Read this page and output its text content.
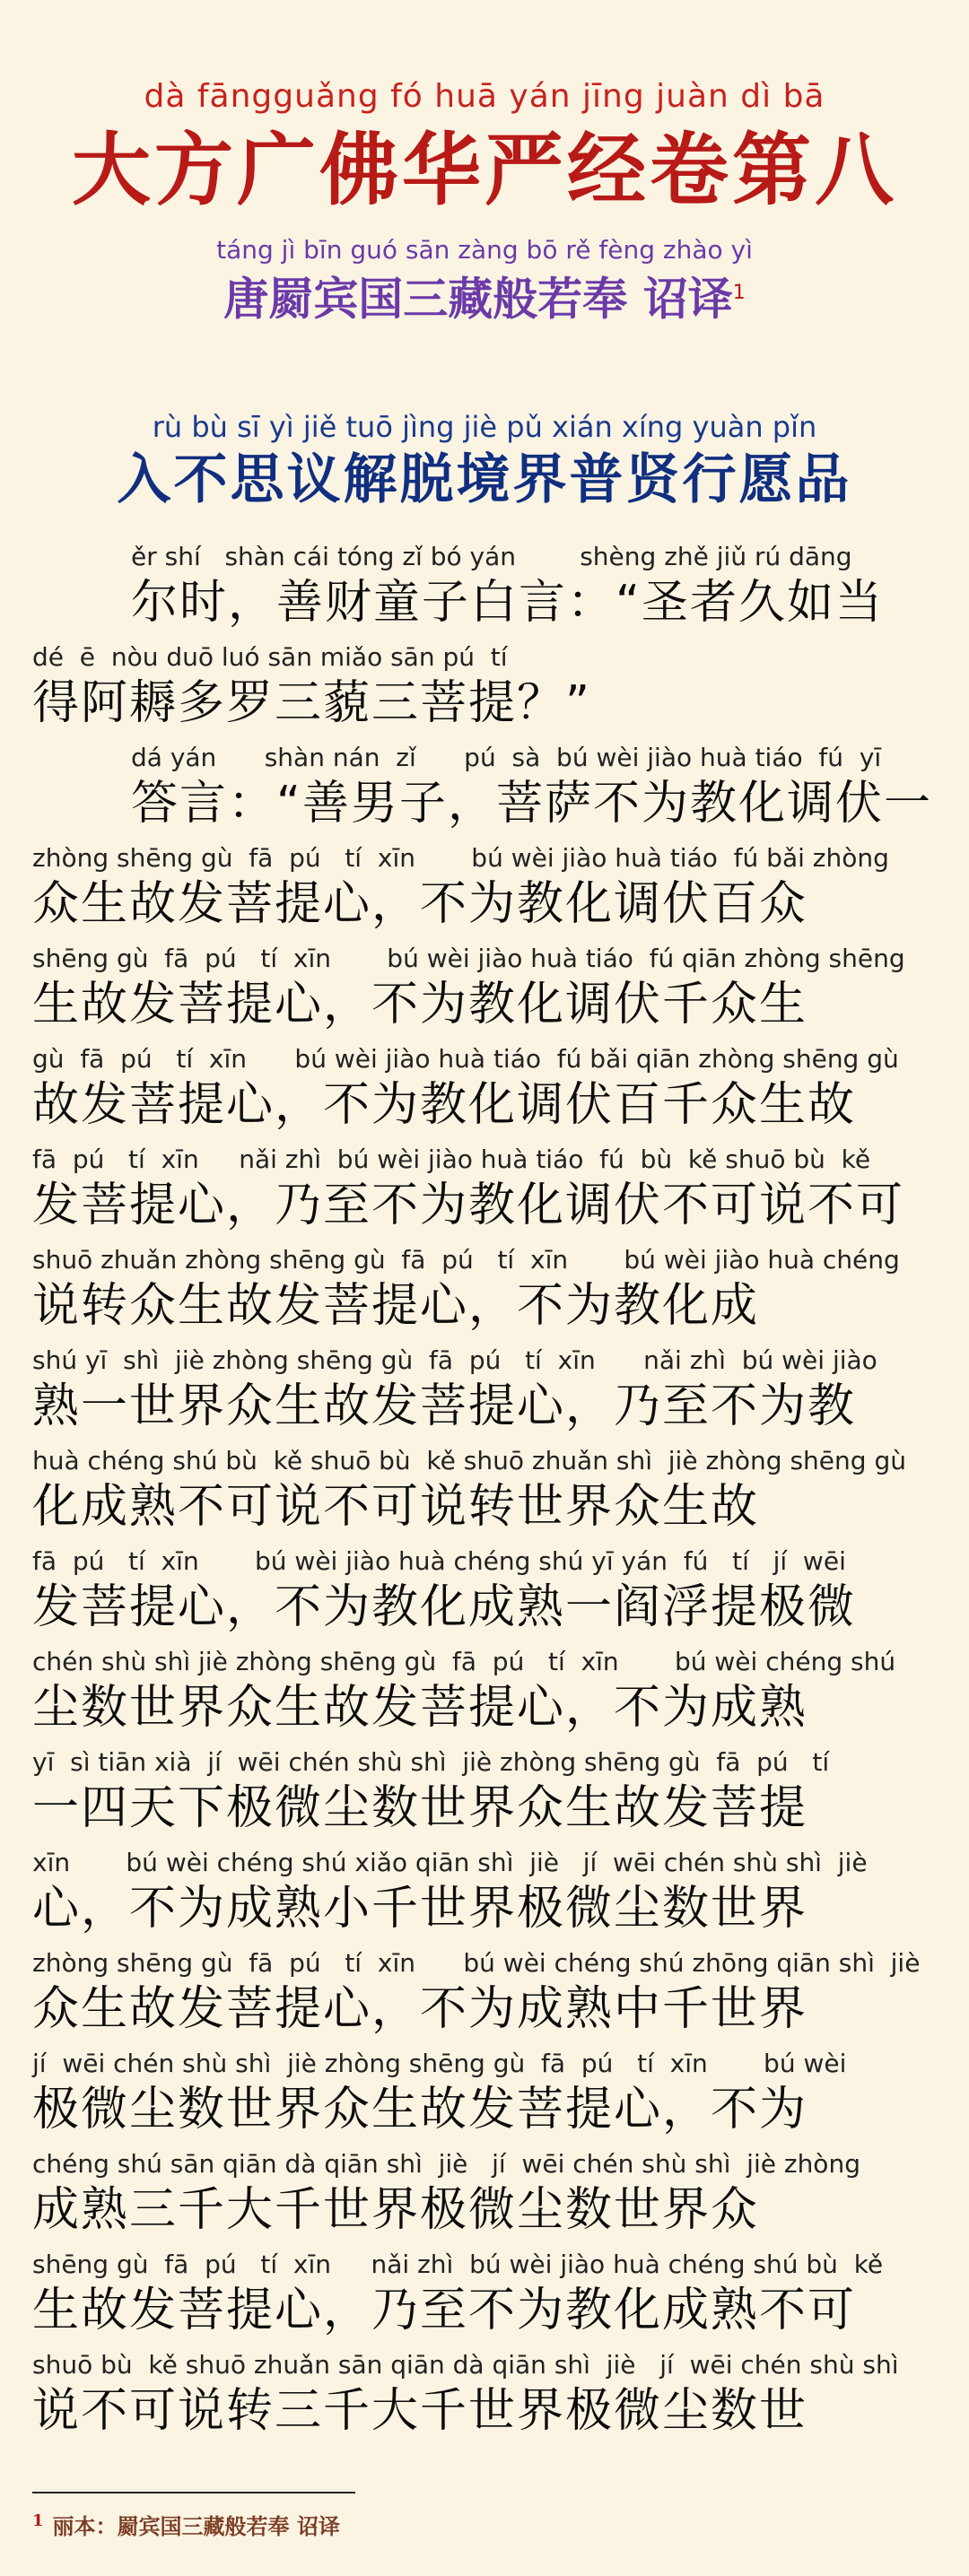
dà fāngguǎng fó huā yán jīng juàn dì bā
大方广佛华严经卷第八
táng jì bīn guó sān zàng bō rě fèng zhào yì
唐罽宾国三藏般若奉 诏译$^1$
rù bù sī yì jiě tuō jìng jiè pǔ xián xíng yuàn pǐn
入不思议解脱境界普贤行愿品

ěr shí   shàn cái tóng zǐ bó yán        shèng zhě jiǔ rú dāng

尔时，善财童子白言：“圣者久如当

dé  ē  nòu duō luó sān miǎo sān pú  tí

得阿耨多罗三藐三菩提？”

dá yán      shàn nán  zǐ      pú  sà  bú wèi jiào huà tiáo  fú  yī

答言：“善男子，菩萨不为教化调伏一

zhòng shēng gù  fā  pú   tí  xīn       bú wèi jiào huà tiáo  fú bǎi zhòng

众生故发菩提心，不为教化调伏百众

shēng gù  fā  pú   tí  xīn       bú wèi jiào huà tiáo  fú qiān zhòng shēng

生故发菩提心，不为教化调伏千众生

gù  fā  pú   tí  xīn      bú wèi jiào huà tiáo  fú bǎi qiān zhòng shēng gù

故发菩提心，不为教化调伏百千众生故

fā  pú   tí  xīn     nǎi zhì  bú wèi jiào huà tiáo  fú  bù  kě shuō bù  kě

发菩提心，乃至不为教化调伏不可说不可

shuō zhuǎn zhòng shēng gù  fā  pú   tí  xīn       bú wèi jiào huà chéng

说转众生故发菩提心，不为教化成

shú yī  shì  jiè zhòng shēng gù  fā  pú   tí  xīn      nǎi zhì  bú wèi jiào

熟一世界众生故发菩提心，乃至不为教

huà chéng shú bù  kě shuō bù  kě shuō zhuǎn shì  jiè zhòng shēng gù

化成熟不可说不可说转世界众生故

fā  pú   tí  xīn       bú wèi jiào huà chéng shú yī yán  fú   tí   jí  wēi

发菩提心，不为教化成熟一阎浮提极微

chén shù shì jiè zhòng shēng gù  fā  pú   tí  xīn       bú wèi chéng shú

尘数世界众生故发菩提心，不为成熟

yī  sì tiān xià  jí  wēi chén shù shì  jiè zhòng shēng gù  fā  pú   tí

一四天下极微尘数世界众生故发菩提

xīn       bú wèi chéng shú xiǎo qiān shì  jiè   jí  wēi chén shù shì  jiè

心，不为成熟小千世界极微尘数世界

zhòng shēng gù  fā  pú   tí  xīn      bú wèi chéng shú zhōng qiān shì  jiè

众生故发菩提心，不为成熟中千世界

jí  wēi chén shù shì  jiè zhòng shēng gù  fā  pú   tí  xīn       bú wèi

极微尘数世界众生故发菩提心，不为

chéng shú sān qiān dà qiān shì  jiè   jí  wēi chén shù shì  jiè zhòng

成熟三千大千世界极微尘数世界众

shēng gù  fā  pú   tí  xīn     nǎi zhì  bú wèi jiào huà chéng shú bù  kě

生故发菩提心，乃至不为教化成熟不可

shuō bù  kě shuō zhuǎn sān qiān dà qiān shì  jiè   jí  wēi chén shù shì

说不可说转三千大千世界极微尘数世

$^1$ 丽本：罽宾国三藏般若奉 诏译
